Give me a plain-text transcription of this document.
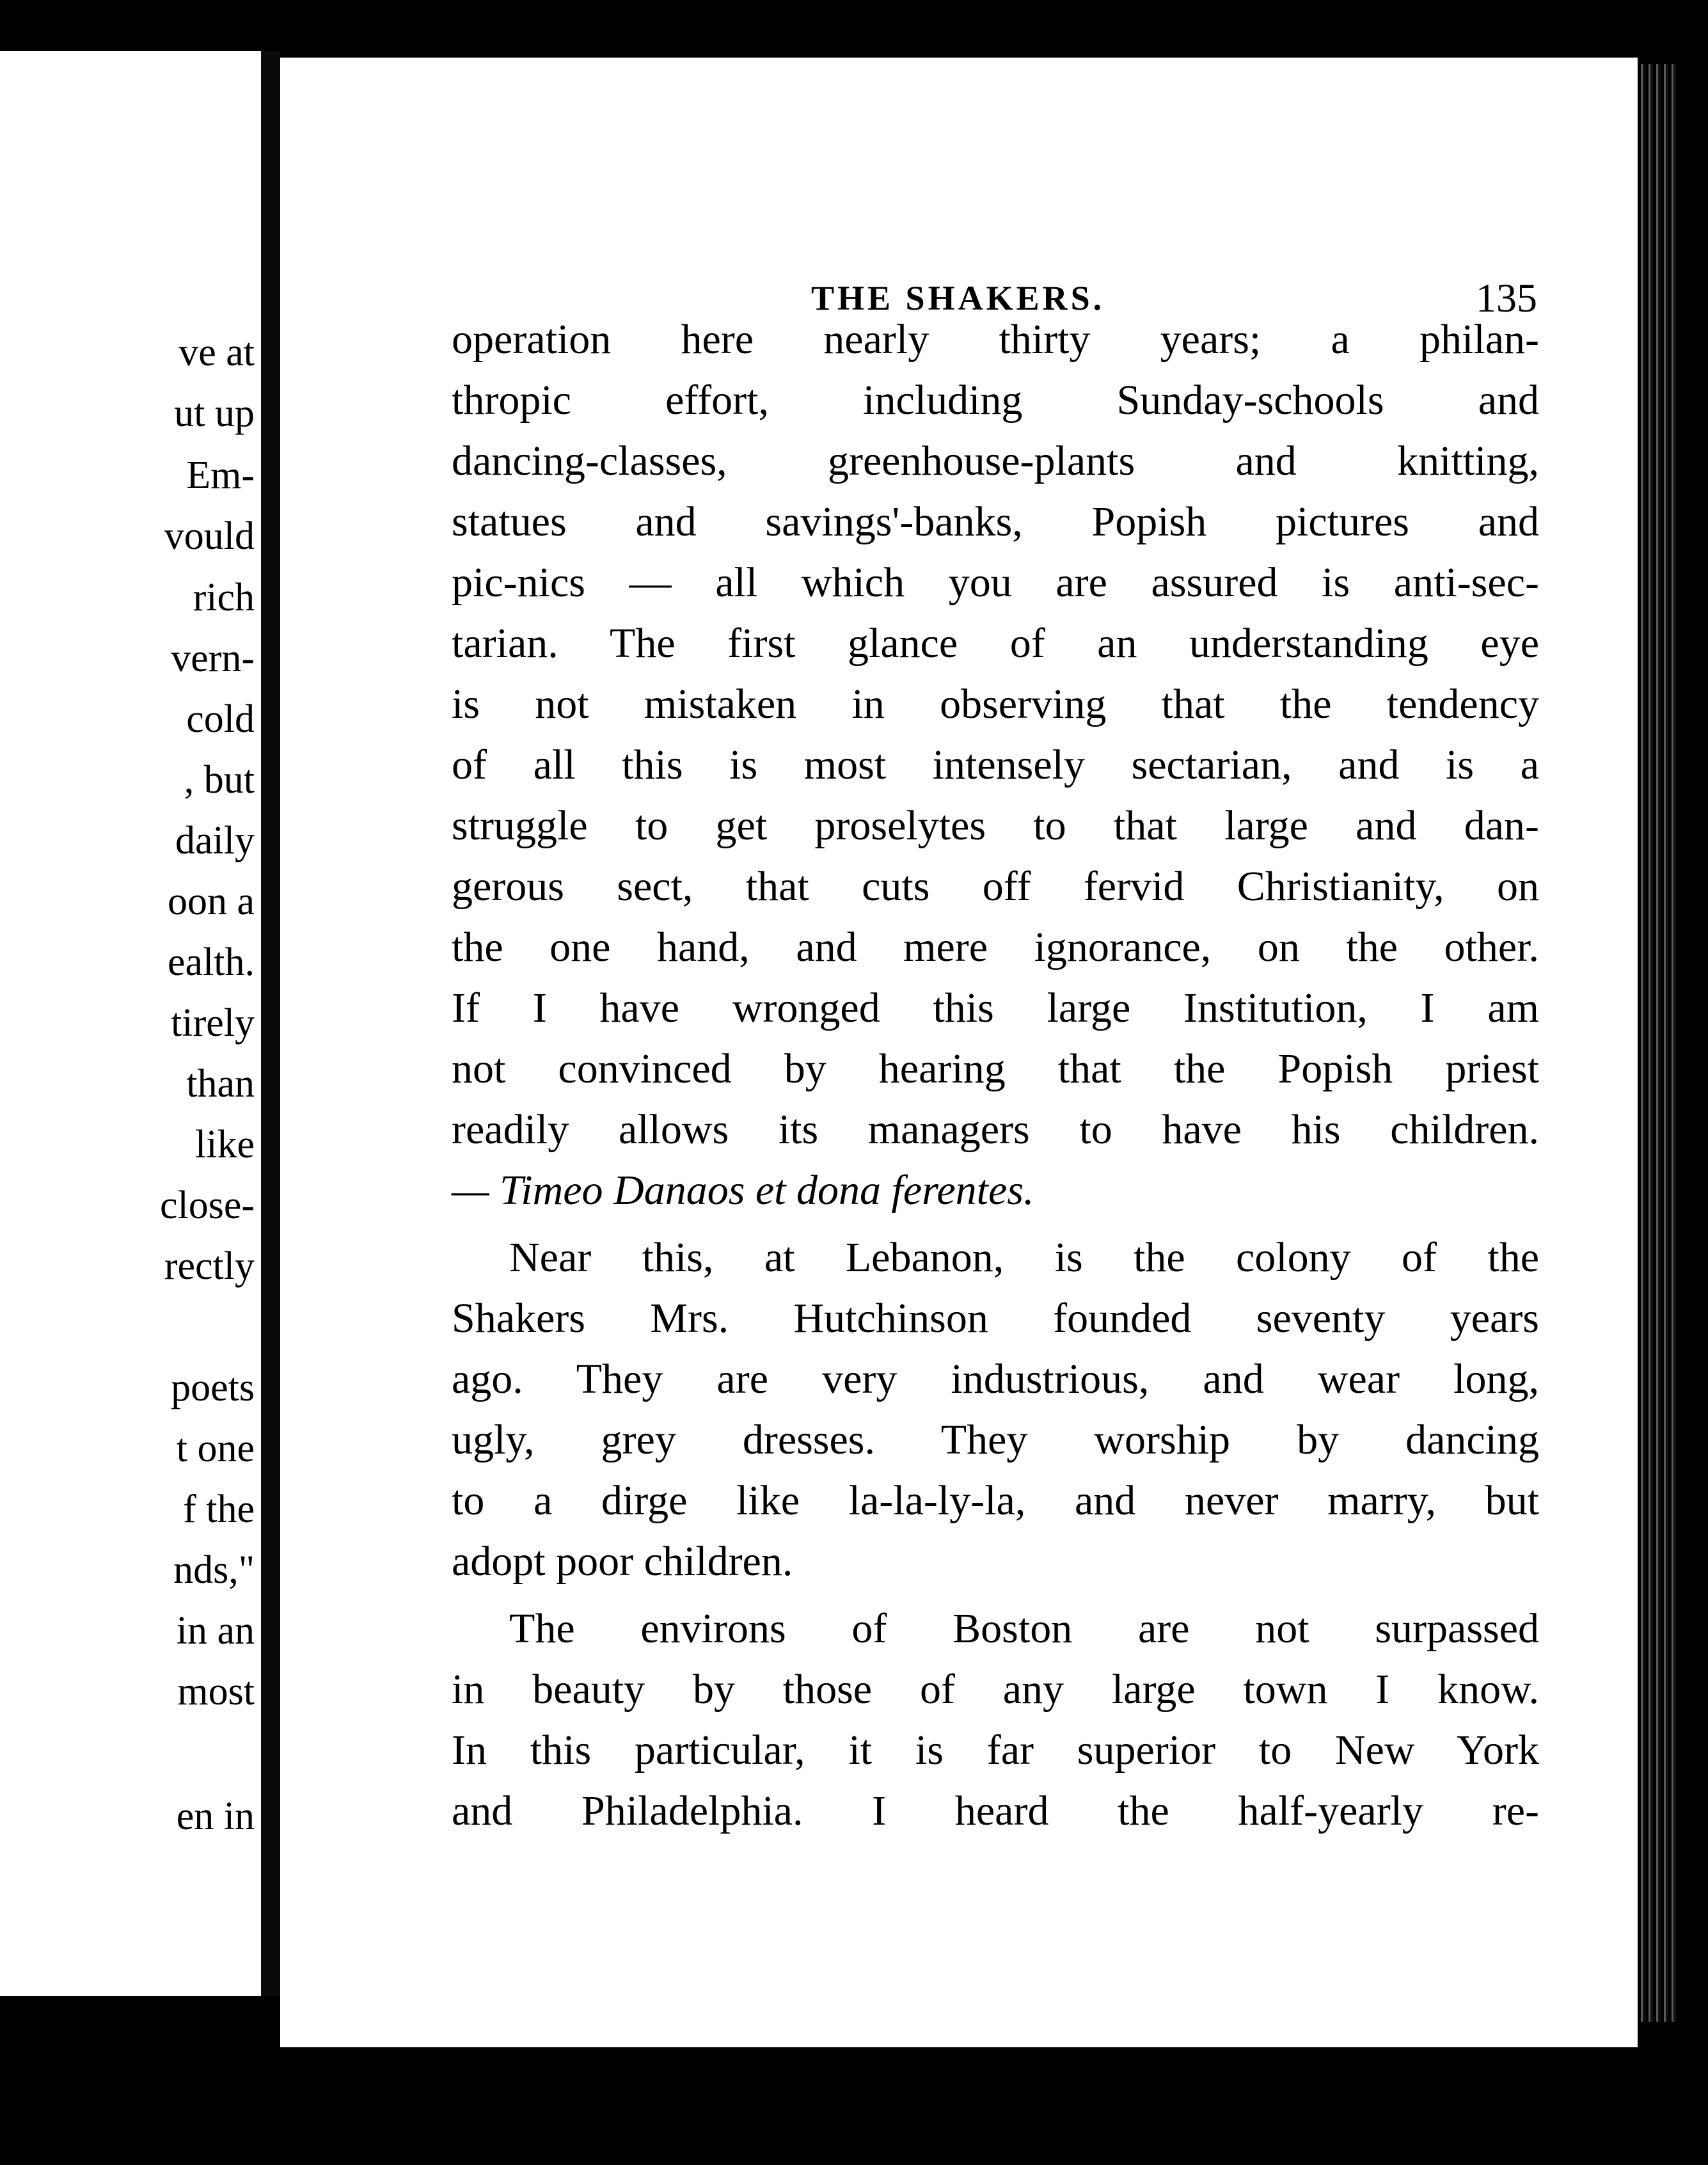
ve at
ut up
Em-
vould
rich
vern-
cold
, but
daily
oon a
ealth.
tirely
than
like
close-
rectly
poets
t one
f the
nds,"
in an
most
en in
THE SHAKERS.	135
operation here nearly thirty years; a philan-
thropic effort, including Sunday-schools and
dancing-classes, greenhouse-plants and knitting,
statues and savings'-banks, Popish pictures and
pic-nics — all which you are assured is anti-sec-
tarian. The first glance of an understanding eye
is not mistaken in observing that the tendency
of all this is most intensely sectarian, and is a
struggle to get proselytes to that large and dan-
gerous sect, that cuts off fervid Christianity, on
the one hand, and mere ignorance, on the other.
If I have wronged this large Institution, I am
not convinced by hearing that the Popish priest
readily allows its managers to have his children.
— Timeo Danaos et dona ferentes.
Near this, at Lebanon, is the colony of the
Shakers Mrs. Hutchinson founded seventy years
ago. They are very industrious, and wear long,
ugly, grey dresses. They worship by dancing
to a dirge like la-la-ly-la, and never marry, but
adopt poor children.
The environs of Boston are not surpassed
in beauty by those of any large town I know.
In this particular, it is far superior to New York
and Philadelphia. I heard the half-yearly re-
